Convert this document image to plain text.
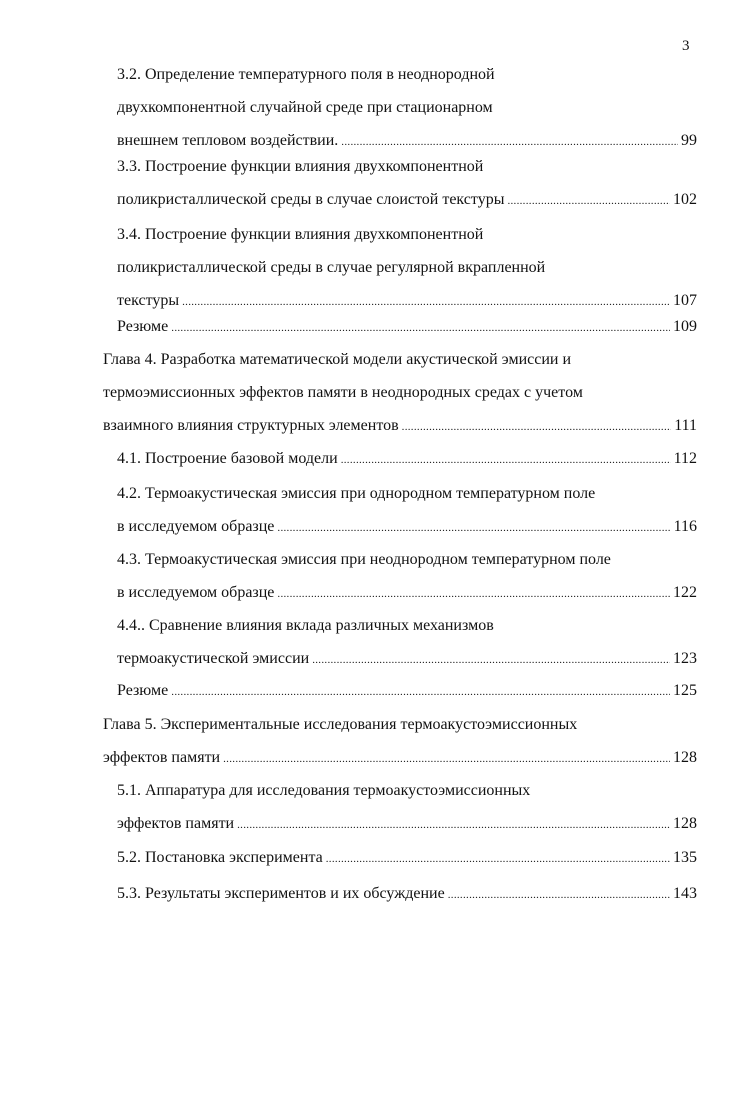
3
3.2. Определение температурного поля в неоднородной
двухкомпонентной случайной среде при стационарном
внешнем тепловом воздействии. .....	99
3.3. Построение функции влияния двухкомпонентной
поликристаллической среды в случае слоистой текстуры .....	102
3.4. Построение функции влияния двухкомпонентной
поликристаллической среды в случае регулярной вкрапленной
текстуры .....	107
Резюме .....	109
Глава 4. Разработка математической модели акустической эмиссии и
термоэмиссионных эффектов памяти в неоднородных средах с учетом
взаимного влияния структурных элементов .....	111
4.1. Построение базовой модели .....	112
4.2. Термоакустическая эмиссия при однородном температурном поле
в исследуемом образце .....	116
4.3. Термоакустическая эмиссия при неоднородном температурном поле
в исследуемом образце .....	122
4.4.. Сравнение влияния вклада различных механизмов
термоакустической эмиссии .....	123
Резюме .....	125
Глава 5. Экспериментальные исследования термоакустоэмиссионных
эффектов памяти .....	128
5.1. Аппаратура для исследования термоакустоэмиссионных
эффектов памяти .....	128
5.2. Постановка эксперимента .....	135
5.3. Результаты экспериментов и их обсуждение .....	143
